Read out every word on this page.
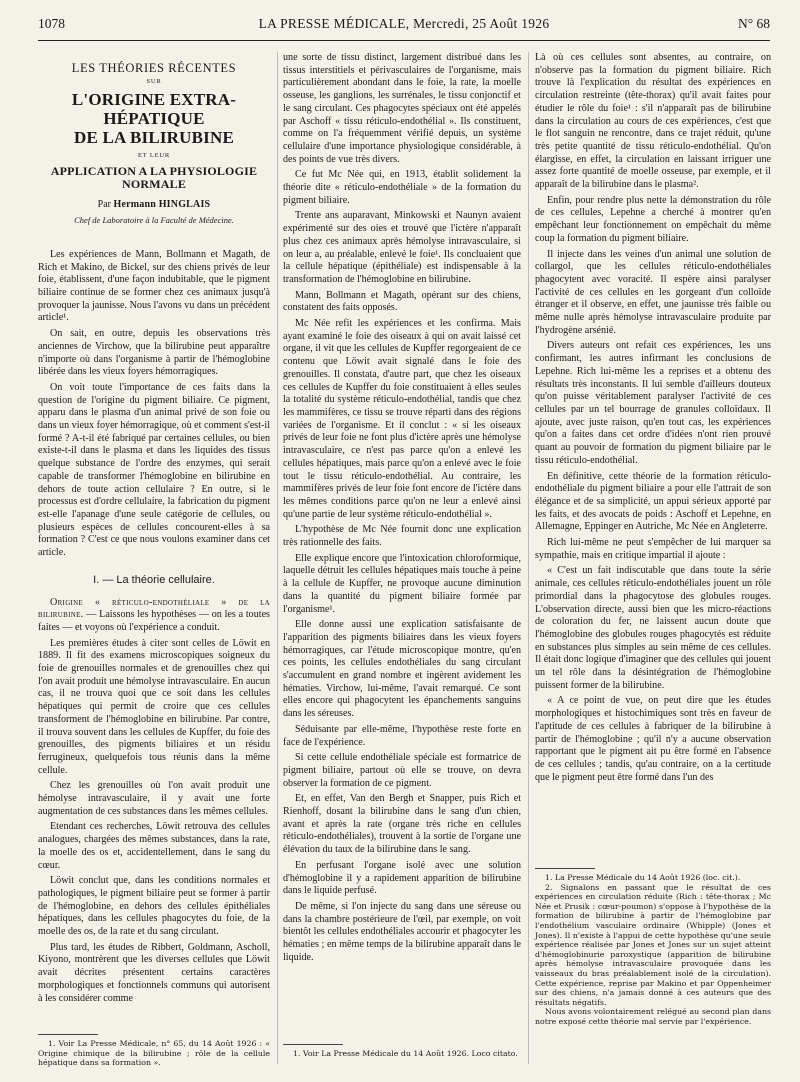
1078	LA PRESSE MÉDICALE, Mercredi, 25 Août 1926	N° 68
LES THÉORIES RÉCENTES
SUR
L'ORIGINE EXTRA-HÉPATIQUE
DE LA BILIRUBINE
ET LEUR
APPLICATION A LA PHYSIOLOGIE NORMALE
Par Hermann HINGLAIS
Chef de Laboratoire à la Faculté de Médecine.

Les expériences de Mann, Bollmann et Magath, de Rich et Makino, de Bickel, sur des chiens privés de leur foie, établissent, d'une façon indubitable, que le pigment biliaire continue de se former chez ces animaux jusqu'à provoquer la jaunisse. Nous l'avons vu dans un précédent article¹.

On sait, en outre, depuis les observations très anciennes de Virchow, que la bilirubine peut apparaître n'importe où dans l'organisme à partir de l'hémoglobine libérée dans les vieux foyers hémorragiques.

On voit toute l'importance de ces faits dans la question de l'origine du pigment biliaire. Ce pigment, apparu dans le plasma d'un animal privé de son foie ou dans un vieux foyer hémorragique, où et comment s'est-il formé ? A-t-il été fabriqué par certaines cellules, ou bien existe-t-il dans le plasma et dans les liquides des tissus quelque substance de l'ordre des enzymes, qui serait capable de transformer l'hémoglobine en bilirubine en dehors de toute action cellulaire ? En outre, si le processus est d'ordre cellulaire, la fabrication du pigment est-elle l'apanage d'une seule catégorie de cellules, ou plusieurs espèces de cellules concourent-elles à sa formation ? C'est ce que nous voulons examiner dans cet article.

I. — La théorie cellulaire.

Origine « réticulo-endothéliale » de la bilirubine. — Laissons les hypothèses — on les a toutes faites — et voyons où l'expérience a conduit.

Les premières études à citer sont celles de Löwit en 1889. Il fit des examens microscopiques soigneux du foie de grenouilles normales et de grenouilles chez qui l'on avait produit une hémolyse intravasculaire. En aucun cas, il ne trouva quoi que ce soit dans les cellules hépatiques qui permit de croire que ces cellules transforment de l'hémoglobine en bilirubine. Par contre, il trouva souvent dans les cellules de Kupffer, du foie des grenouilles, des pigments biliaires et un résidu ferrugineux, quelquefois tous réunis dans la même cellule.

Chez les grenouilles où l'on avait produit une hémolyse intravasculaire, il y avait une forte augmentation de ces substances dans les mêmes cellules.

Etendant ces recherches, Löwit retrouva des cellules analogues, chargées des mêmes substances, dans la rate, la moelle des os et, accidentellement, dans le sang du cœur.

Löwit conclut que, dans les conditions normales et pathologiques, le pigment biliaire peut se former à partir de l'hémoglobine, en dehors des cellules épithéliales hépatiques, dans les cellules phagocytes du foie, de la moelle des os, de la rate et du sang circulant.

Plus tard, les études de Ribbert, Goldmann, Ascholl, Kiyono, montrèrent que les diverses cellules que Löwit avait décrites présentent certains caractères morphologiques et fonctionnels communs qui autorisent à les considérer comme

1. Voir La Presse Médicale, n° 65, du 14 Août 1926 : « Origine chimique de la bilirubine ; rôle de la cellule hépatique dans sa formation ».

une sorte de tissu distinct, largement distribué dans les tissus interstitiels et périvasculaires de l'organisme, mais particulièrement abondant dans le foie, la rate, la moelle osseuse, les ganglions, les surrénales, le tissu conjonctif et le sang circulant. Ces phagocytes spéciaux ont été appelés par Aschoff « tissu réticulo-endothélial ». Ils constituent, comme on l'a fréquemment vérifié depuis, un système cellulaire d'une importance physiologique considérable, à des points de vue très divers.

Ce fut Mc Née qui, en 1913, établit solidement la théorie dite « réticulo-endothéliale » de la formation du pigment biliaire.

Trente ans auparavant, Minkowski et Naunyn avaient expérimenté sur des oies et trouvé que l'ictère n'apparaît plus chez ces animaux après hémolyse intravasculaire, si on leur a, au préalable, enlevé le foie¹. Ils concluaient que la cellule hépatique (épithéliale) est indispensable à la transformation de l'hémoglobine en bilirubine.

Mann, Bollmann et Magath, opérant sur des chiens, constatent des faits opposés.

Mc Née refit les expériences et les confirma. Mais ayant examiné le foie des oiseaux à qui on avait laissé cet organe, il vit que les cellules de Kupffer regorgeaient de ce contenu que Löwit avait signalé dans le foie des grenouilles. Il constata, d'autre part, que chez les oiseaux ces cellules de Kupffer du foie constituaient à elles seules la totalité du système réticulo-endothélial, tandis que chez les mammifères, ce tissu se trouve réparti dans des régions variées de l'organisme. Et il conclut : « si les oiseaux privés de leur foie ne font plus d'ictère après une hémolyse intravasculaire, ce n'est pas parce qu'on a enlevé les cellules hépatiques, mais parce qu'on a enlevé avec le foie tout le tissu réticulo-endothélial. Au contraire, les mammifères privés de leur foie font encore de l'ictère dans les mêmes conditions parce qu'on ne leur a enlevé ainsi qu'une partie de leur système réticulo-endothélial ».

L'hypothèse de Mc Née fournit donc une explication très rationnelle des faits.

Elle explique encore que l'intoxication chloroformique, laquelle détruit les cellules hépatiques mais touche à peine à la cellule de Kupffer, ne provoque aucune diminution dans la quantité du pigment biliaire formée par l'organisme¹.

Elle donne aussi une explication satisfaisante de l'apparition des pigments biliaires dans les vieux foyers hémorragiques, car l'étude microscopique montre, qu'en ces points, les cellules endothéliales du sang circulant s'accumulent en grand nombre et ingèrent avidement les hématies. Virchow, lui-même, l'avait remarqué. Ce sont elles encore qui phagocytent les épanchements sanguins dans les séreuses.

Séduisante par elle-même, l'hypothèse reste forte en face de l'expérience.

Si cette cellule endothéliale spéciale est formatrice de pigment biliaire, partout où elle se trouve, on devra observer la formation de ce pigment.

Et, en effet, Van den Bergh et Snapper, puis Rich et Rienhoff, dosant la bilirubine dans le sang d'un chien, avant et après la rate (organe très riche en cellules réticulo-endothéliales), trouvent à la sortie de l'organe une élévation du taux de la bilirubine dans le sang.

En perfusant l'organe isolé avec une solution d'hémoglobine il y a rapidement apparition de bilirubine dans le liquide perfusé.

De même, si l'on injecte du sang dans une séreuse ou dans la chambre postérieure de l'œil, par exemple, on voit bientôt les cellules endothéliales accourir et phagocyter les hématies ; en même temps de la bilirubine apparaît dans le liquide.

1. Voir La Presse Médicale du 14 Août 1926. Loco citato.

Là où ces cellules sont absentes, au contraire, on n'observe pas la formation du pigment biliaire. Rich trouve là l'explication du résultat des expériences en circulation restreinte (tête-thorax) qu'il avait faites pour étudier le rôle du foie¹ : s'il n'apparaît pas de bilirubine dans la circulation au cours de ces expériences, c'est que le flot sanguin ne rencontre, dans ce trajet réduit, qu'une très petite quantité de tissu réticulo-endothélial. Qu'on élargisse, en effet, la circulation en laissant irriguer une assez forte quantité de moelle osseuse, par exemple, et il apparaît de la bilirubine dans le plasma².

Enfin, pour rendre plus nette la démonstration du rôle de ces cellules, Lepehne a cherché à montrer qu'en empêchant leur fonctionnement on empêchait du même coup la formation du pigment biliaire.

Il injecte dans les veines d'un animal une solution de collargol, que les cellules réticulo-endothéliales phagocytent avec voracité. Il espère ainsi paralyser l'activité de ces cellules en les gorgeant d'un colloïde étranger et il observe, en effet, une jaunisse très faible ou même nulle après hémolyse intravasculaire produite par l'hydrogène arsénié.

Divers auteurs ont refait ces expériences, les uns confirmant, les autres infirmant les conclusions de Lepehne. Rich lui-même les a reprises et a obtenu des résultats très inconstants. Il lui semble d'ailleurs douteux qu'on puisse véritablement paralyser l'activité de ces cellules par un tel bourrage de granules colloïdaux. Il ajoute, avec juste raison, qu'en tout cas, les expériences qu'on a faites dans cet ordre d'idées n'ont rien prouvé quant au pouvoir de formation du pigment biliaire par le tissu réticulo-endothélial.

En définitive, cette théorie de la formation réticulo-endothéliale du pigment biliaire a pour elle l'attrait de son élégance et de sa simplicité, un appui sérieux apporté par les faits, et des avocats de poids : Aschoff et Lepehne, en Allemagne, Eppinger en Autriche, Mc Née en Angleterre.

Rich lui-même ne peut s'empêcher de lui marquer sa sympathie, mais en critique impartial il ajoute :

« C'est un fait indiscutable que dans toute la série animale, ces cellules réticulo-endothéliales jouent un rôle primordial dans la phagocytose des globules rouges. L'observation directe, aussi bien que les micro-réactions de coloration du fer, ne laissent aucun doute que l'hémoglobine des globules rouges phagocytés est réduite en substances plus simples au sein même de ces cellules. Il était donc logique d'imaginer que des cellules qui jouent un tel rôle dans la désintégration de l'hémoglobine puissent former de la bilirubine.

« A ce point de vue, on peut dire que les études morphologiques et histochimiques sont très en faveur de l'aptitude de ces cellules à fabriquer de la bilirubine à partir de l'hémoglobine ; qu'il n'y a aucune observation rapportant que le pigment ait pu être formé en l'absence de ces cellules ; tandis, qu'au contraire, on a la certitude que le pigment peut être formé dans l'un des

1. La Presse Médicale du 14 Août 1926 (loc. cit.).

2. Signalons en passant que le résultat de ces expériences en circulation réduite (Rich : tête-thorax ; Mc Née et Prusik : cœur-poumon) s'oppose à l'hypothèse de la formation de bilirubine à partir de l'hémoglobine par l'endothélium vasculaire ordinaire (Whipple) (Jones et Jones). Il n'existe à l'appui de cette hypothèse qu'une seule expérience réalisée par Jones et Jones sur un sujet atteint d'hémoglobinurie paroxystique (apparition de bilirubine après hémolyse intravasculaire provoquée dans les vaisseaux du bras préalablement isolé de la circulation). Cette expérience, reprise par Makino et par Oppenheimer sur des chiens, n'a jamais donné à ces auteurs que des résultats négatifs.

Nous avons volontairement relégué au second plan dans notre exposé cette théorie mal servie par l'expérience.
